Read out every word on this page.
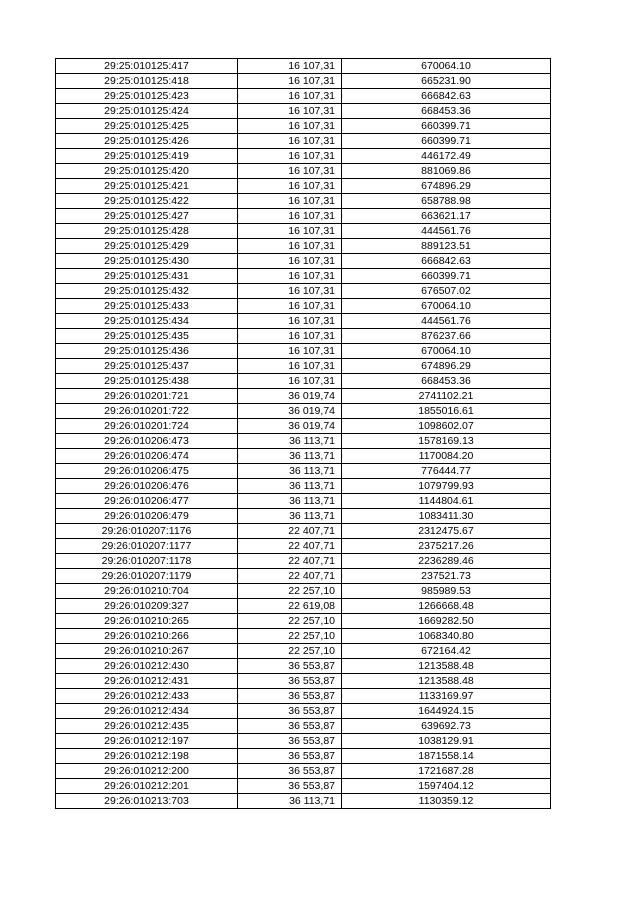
29:25:010125:417	16 107,31	670064.10
29:25:010125:418	16 107,31	665231.90
29:25:010125:423	16 107,31	666842.63
29:25:010125:424	16 107,31	668453.36
29:25:010125:425	16 107,31	660399.71
29:25:010125:426	16 107,31	660399.71
29:25:010125:419	16 107,31	446172.49
29:25:010125:420	16 107,31	881069.86
29:25:010125:421	16 107,31	674896.29
29:25:010125:422	16 107,31	658788.98
29:25:010125:427	16 107,31	663621.17
29:25:010125:428	16 107,31	444561.76
29:25:010125:429	16 107,31	889123.51
29:25:010125:430	16 107,31	666842.63
29:25:010125:431	16 107,31	660399.71
29:25:010125:432	16 107,31	676507.02
29:25:010125:433	16 107,31	670064.10
29:25:010125:434	16 107,31	444561.76
29:25:010125:435	16 107,31	876237.66
29:25:010125:436	16 107,31	670064.10
29:25:010125:437	16 107,31	674896.29
29:25:010125:438	16 107,31	668453.36
29:26:010201:721	36 019,74	2741102.21
29:26:010201:722	36 019,74	1855016.61
29:26:010201:724	36 019,74	1098602.07
29:26:010206:473	36 113,71	1578169.13
29:26:010206:474	36 113,71	1170084.20
29:26:010206:475	36 113,71	776444.77
29:26:010206:476	36 113,71	1079799.93
29:26:010206:477	36 113,71	1144804.61
29:26:010206:479	36 113,71	1083411.30
29:26:010207:1176	22 407,71	2312475.67
29:26:010207:1177	22 407,71	2375217.26
29:26:010207:1178	22 407,71	2236289.46
29:26:010207:1179	22 407,71	237521.73
29:26:010210:704	22 257,10	985989.53
29:26:010209:327	22 619,08	1266668.48
29:26:010210:265	22 257,10	1669282.50
29:26:010210:266	22 257,10	1068340.80
29:26:010210:267	22 257,10	672164.42
29:26:010212:430	36 553,87	1213588.48
29:26:010212:431	36 553,87	1213588.48
29:26:010212:433	36 553,87	1133169.97
29:26:010212:434	36 553,87	1644924.15
29:26:010212:435	36 553,87	639692.73
29:26:010212:197	36 553,87	1038129.91
29:26:010212:198	36 553,87	1871558.14
29:26:010212:200	36 553,87	1721687.28
29:26:010212:201	36 553,87	1597404.12
29:26:010213:703	36 113,71	1130359.12
